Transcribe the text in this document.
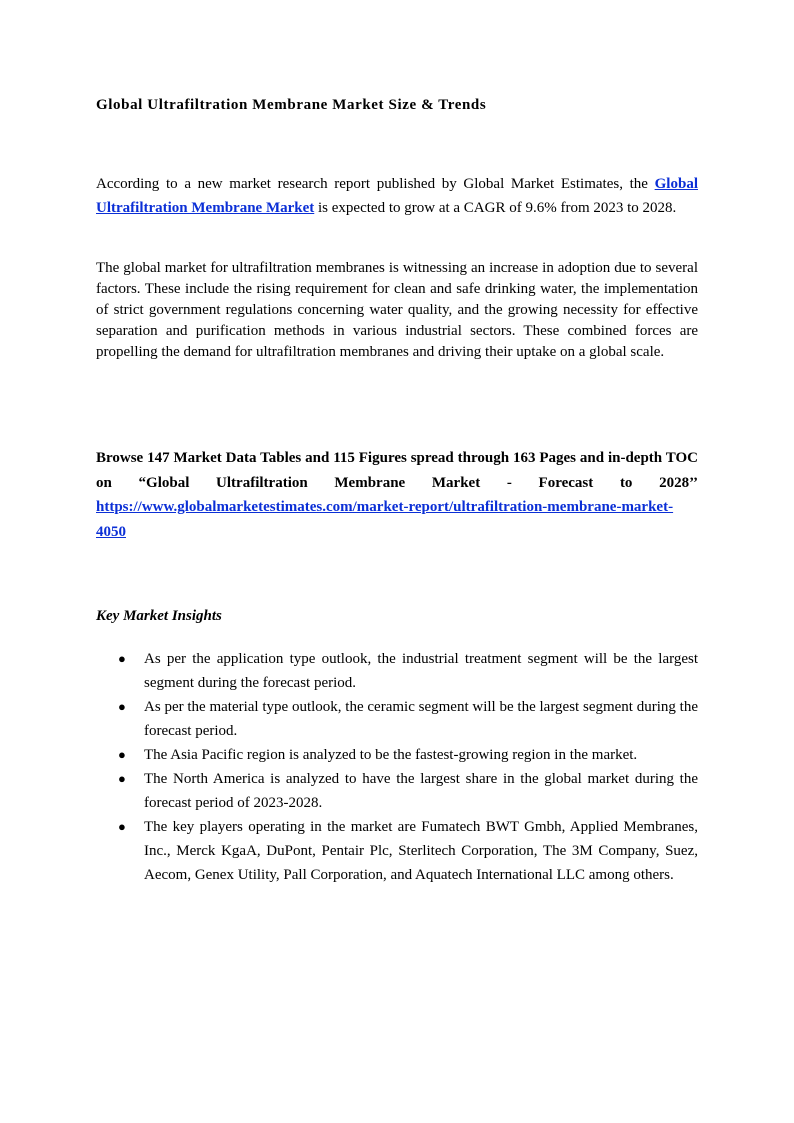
Global Ultrafiltration Membrane Market Size & Trends

According to a new market research report published by Global Market Estimates, the Global Ultrafiltration Membrane Market is expected to grow at a CAGR of 9.6% from 2023 to 2028.

The global market for ultrafiltration membranes is witnessing an increase in adoption due to several factors. These include the rising requirement for clean and safe drinking water, the implementation of strict government regulations concerning water quality, and the growing necessity for effective separation and purification methods in various industrial sectors. These combined forces are propelling the demand for ultrafiltration membranes and driving their uptake on a global scale.

Browse 147 Market Data Tables and 115 Figures spread through 163 Pages and in-depth TOC on “Global Ultrafiltration Membrane Market - Forecast to 2028’’ https://www.globalmarketestimates.com/market-report/ultrafiltration-membrane-market-4050

Key Market Insights
● As per the application type outlook, the industrial treatment segment will be the largest segment during the forecast period.
● As per the material type outlook, the ceramic segment will be the largest segment during the forecast period.
● The Asia Pacific region is analyzed to be the fastest-growing region in the market.
● The North America is analyzed to have the largest share in the global market during the forecast period of 2023-2028.
● The key players operating in the market are Fumatech BWT Gmbh, Applied Membranes, Inc., Merck KgaA, DuPont, Pentair Plc, Sterlitech Corporation, The 3M Company, Suez, Aecom, Genex Utility, Pall Corporation, and Aquatech International LLC among others.
